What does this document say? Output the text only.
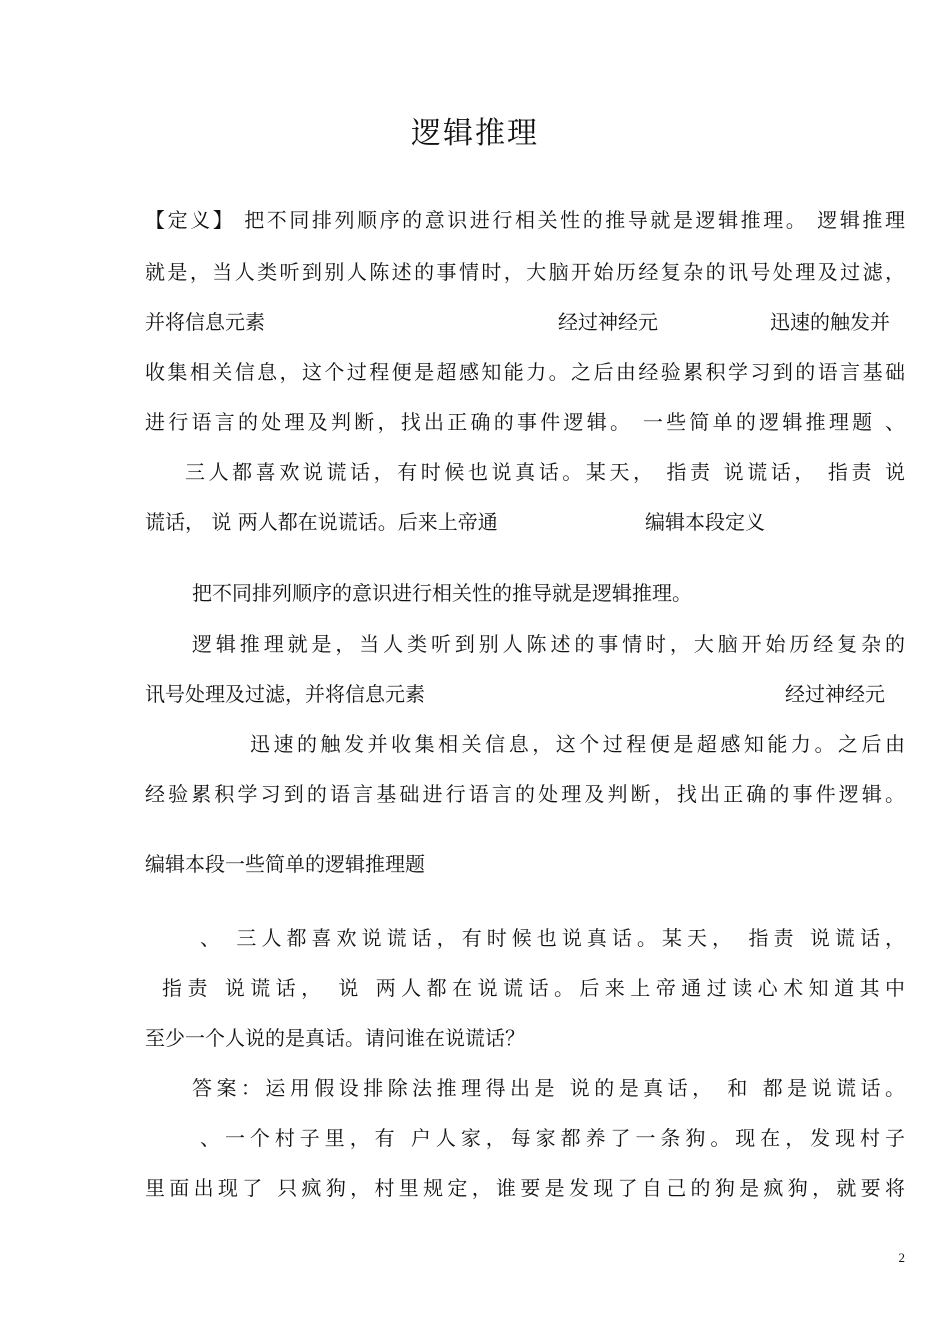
逻辑推理
【定义】 把不同排列顺序的意识进行相关性的推导就是逻辑推理。 逻辑推理
就是，当人类听到别人陈述的事情时，大脑开始历经复杂的讯号处理及过滤，
并将信息元素	经过神经元	迅速的触发并
收集相关信息，这个过程便是超感知能力。之后由经验累积学习到的语言基础
进行语言的处理及判断，找出正确的事件逻辑。 一些简单的逻辑推理题 、
三人都喜欢说谎话，有时候也说真话。某天， 指责 说谎话， 指责 说
谎话， 说 两人都在说谎话。后来上帝通	编辑本段定义
把不同排列顺序的意识进行相关性的推导就是逻辑推理。
逻辑推理就是，当人类听到别人陈述的事情时，大脑开始历经复杂的
讯号处理及过滤，并将信息元素	经过神经元
迅速的触发并收集相关信息，这个过程便是超感知能力。之后由
经验累积学习到的语言基础进行语言的处理及判断，找出正确的事件逻辑。
编辑本段一些简单的逻辑推理题
、 三人都喜欢说谎话，有时候也说真话。某天， 指责 说谎话，
指责 说谎话， 说 两人都在说谎话。后来上帝通过读心术知道其中
至少一个人说的是真话。请问谁在说谎话？
答案：运用假设排除法推理得出是 说的是真话， 和 都是说谎话。
、一个村子里，有 户人家，每家都养了一条狗。现在，发现村子
里面出现了 只疯狗，村里规定，谁要是发现了自己的狗是疯狗，就要将
2
